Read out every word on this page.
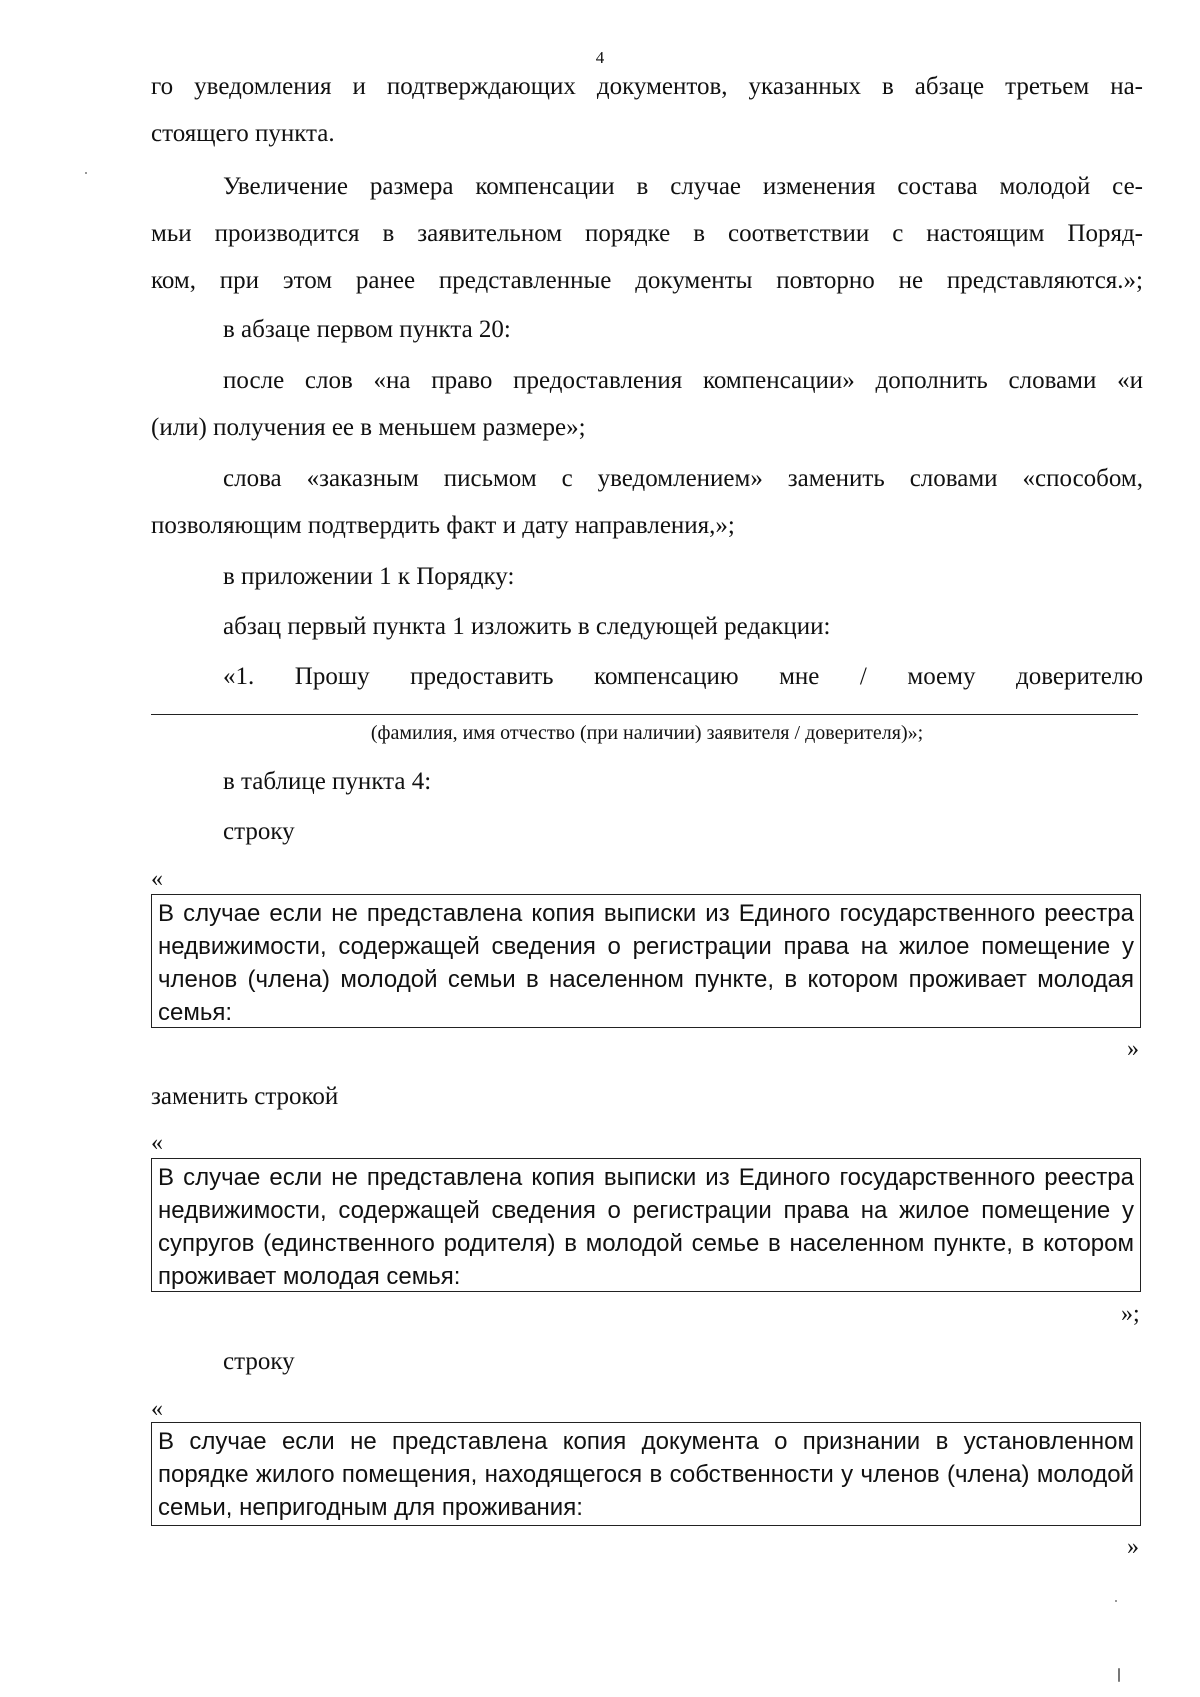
4

го уведомления и подтверждающих документов, указанных в абзаце третьем на-

стоящего пункта.

Увеличение размера компенсации в случае изменения состава молодой се-

мьи производится в заявительном порядке в соответствии с настоящим Поряд-

ком, при этом ранее представленные документы повторно не представляются.»;

в абзаце первом пункта 20:

после слов «на право предоставления компенсации» дополнить словами «и

(или) получения ее в меньшем размере»;

слова «заказным письмом с уведомлением» заменить словами «способом,

позволяющим подтвердить факт и дату направления,»;

в приложении 1 к Порядку:

абзац первый пункта 1 изложить в следующей редакции:

«1. Прошу предоставить компенсацию мне / моему доверителю

(фамилия, имя отчество (при наличии) заявителя / доверителя)»;

в таблице пункта 4:

строку

«
В случае если не представлена копия выписки из Единого государственного реестра недвижимости, содержащей сведения о регистрации права на жилое помещение у членов (члена) молодой семьи в населенном пункте, в котором проживает молодая семья:
»

заменить строкой

«
В случае если не представлена копия выписки из Единого государственного реестра недвижимости, содержащей сведения о регистрации права на жилое помещение у супругов (единственного родителя) в молодой семье в населенном пункте, в котором проживает молодая семья:
»;

строку

«
В случае если не представлена копия документа о признании в установленном порядке жилого помещения, находящегося в собственности у членов (члена) молодой семьи, непригодным для проживания:
»
